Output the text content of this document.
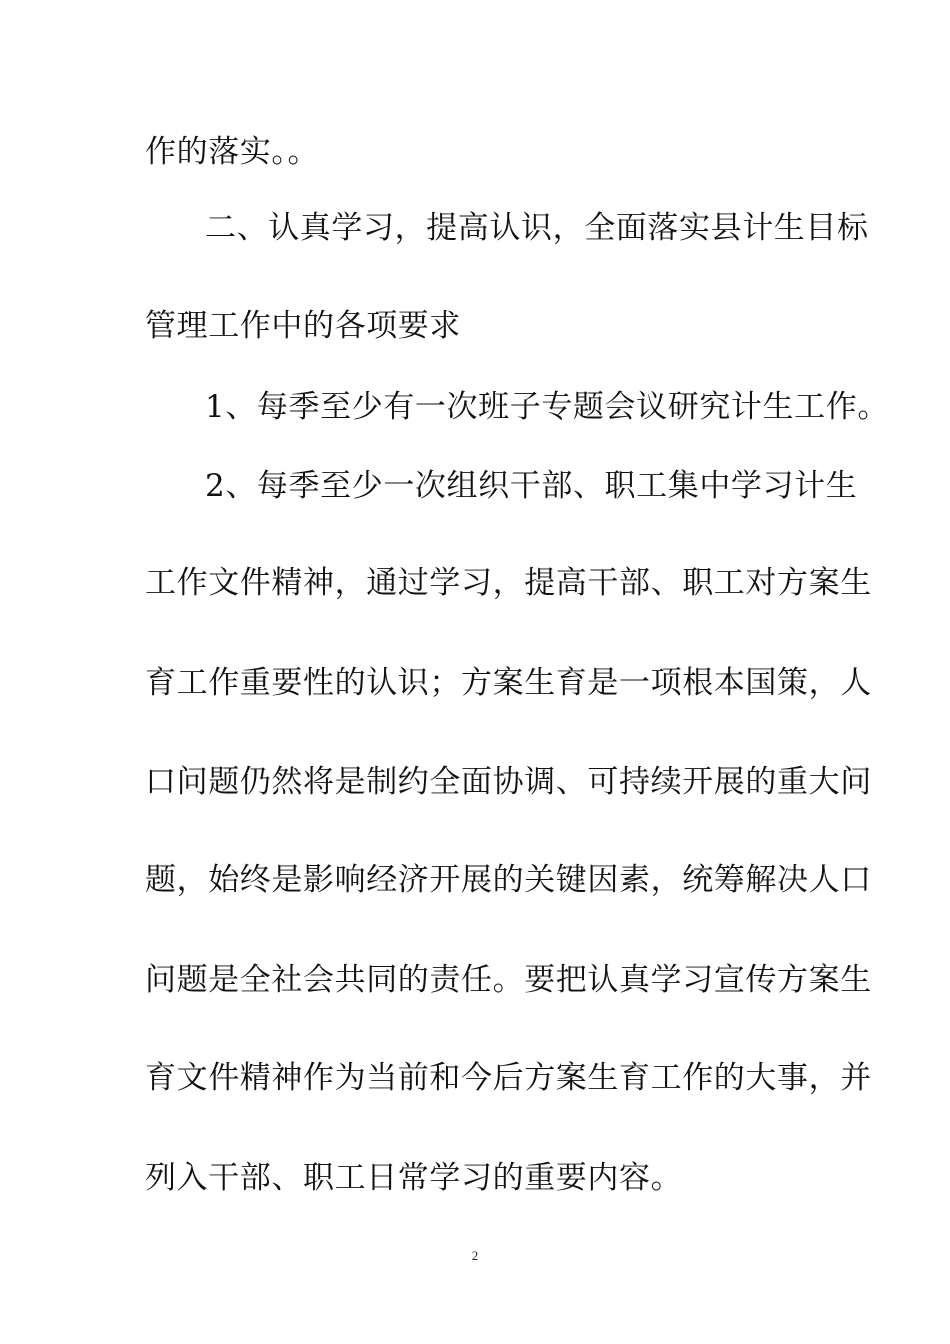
作的落实。。
二、认真学习，提高认识，全面落实县计生目标
管理工作中的各项要求
1、每季至少有一次班子专题会议研究计生工作。
2、每季至少一次组织干部、职工集中学习计生
工作文件精神，通过学习，提高干部、职工对方案生
育工作重要性的认识；方案生育是一项根本国策，人
口问题仍然将是制约全面协调、可持续开展的重大问
题，始终是影响经济开展的关键因素，统筹解决人口
问题是全社会共同的责任。要把认真学习宣传方案生
育文件精神作为当前和今后方案生育工作的大事，并
列入干部、职工日常学习的重要内容。
2
